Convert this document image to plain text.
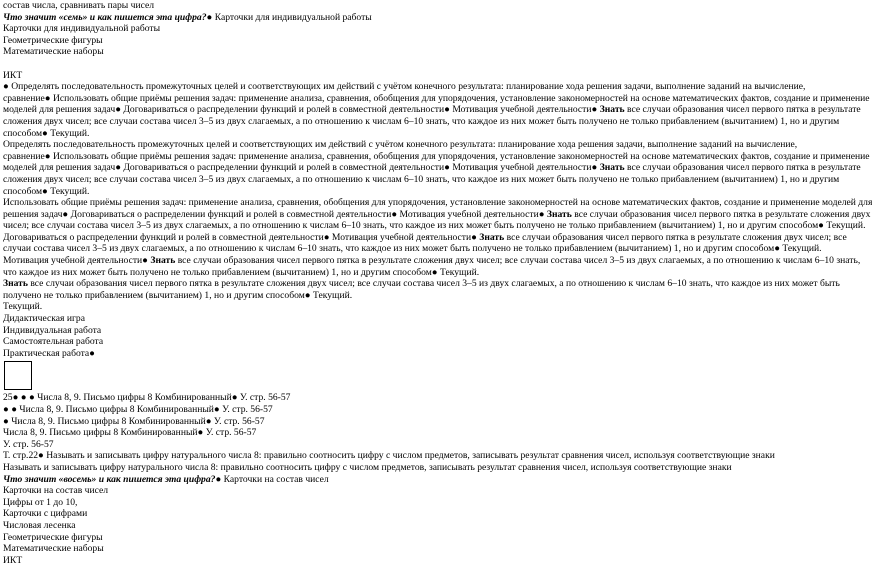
состав числа, сравнивать пары чисел
Что значит «семь» и как пишется эта цифра?● Карточки для индивидуальной работы
Карточки для индивидуальной работы
Геометрические фигуры
Математические наборы
ИКТ
● Определять последовательность промежуточных целей и соответствующих им действий с учётом конечного результата: планирование хода решения задачи, выполнение заданий на вычисление,
сравнение● Использовать общие приёмы решения задач: применение анализа, сравнения, обобщения для упорядочения, установление закономерностей на основе математических фактов, создание и применение
моделей для решения задач● Договариваться о распределении функций и ролей в совместной деятельности● Мотивация учебной деятельности● Знать все случаи образования чисел первого пятка в результате
сложения двух чисел; все случаи состава чисел 3–5 из двух слагаемых, а по отношению к числам 6–10 знать, что каждое из них может быть получено не только прибавлением (вычитанием) 1, но и другим
способом● Текущий.
Определять последовательность промежуточных целей и соответствующих им действий с учётом конечного результата: планирование хода решения задачи, выполнение заданий на вычисление,
сравнение● Использовать общие приёмы решения задач: применение анализа, сравнения, обобщения для упорядочения, установление закономерностей на основе математических фактов, создание и применение
моделей для решения задач● Договариваться о распределении функций и ролей в совместной деятельности● Мотивация учебной деятельности● Знать все случаи образования чисел первого пятка в результате
сложения двух чисел; все случаи состава чисел 3–5 из двух слагаемых, а по отношению к числам 6–10 знать, что каждое из них может быть получено не только прибавлением (вычитанием) 1, но и другим
способом● Текущий.
Использовать общие приёмы решения задач: применение анализа, сравнения, обобщения для упорядочения, установление закономерностей на основе математических фактов, создание и применение моделей для
решения задач● Договариваться о распределении функций и ролей в совместной деятельности● Мотивация учебной деятельности● Знать все случаи образования чисел первого пятка в результате сложения двух
чисел; все случаи состава чисел 3–5 из двух слагаемых, а по отношению к числам 6–10 знать, что каждое из них может быть получено не только прибавлением (вычитанием) 1, но и другим способом● Текущий.
Договариваться о распределении функций и ролей в совместной деятельности● Мотивация учебной деятельности● Знать все случаи образования чисел первого пятка в результате сложения двух чисел; все
случаи состава чисел 3–5 из двух слагаемых, а по отношению к числам 6–10 знать, что каждое из них может быть получено не только прибавлением (вычитанием) 1, но и другим способом● Текущий.
Мотивация учебной деятельности● Знать все случаи образования чисел первого пятка в результате сложения двух чисел; все случаи состава чисел 3–5 из двух слагаемых, а по отношению к числам 6–10 знать,
что каждое из них может быть получено не только прибавлением (вычитанием) 1, но и другим способом● Текущий.
Знать все случаи образования чисел первого пятка в результате сложения двух чисел; все случаи состава чисел 3–5 из двух слагаемых, а по отношению к числам 6–10 знать, что каждое из них может быть
получено не только прибавлением (вычитанием) 1, но и другим способом● Текущий.
Текущий.
Дидактическая игра
Индивидуальная работа
Самостоятельная работа
Практическая работа●
25● ● ● Числа 8, 9. Письмо цифры 8 Комбинированный● У. стр. 56-57
● ● Числа 8, 9. Письмо цифры 8 Комбинированный● У. стр. 56-57
● Числа 8, 9. Письмо цифры 8 Комбинированный● У. стр. 56-57
Числа 8, 9. Письмо цифры 8 Комбинированный● У. стр. 56-57
У. стр. 56-57
Т. стр.22● Называть и записывать цифру натурального числа 8: правильно соотносить цифру с числом предметов, записывать результат сравнения чисел, используя соответствующие знаки
Называть и записывать цифру натурального числа 8: правильно соотносить цифру с числом предметов, записывать результат сравнения чисел, используя соответствующие знаки
Что значит «восемь» и как пишется эта цифра?● Карточки на состав чисел
Карточки на состав чисел
Цифры от 1 до 10,
Карточки с цифрами
Числовая лесенка
Геометрические фигуры
Математические наборы
ИКТ
